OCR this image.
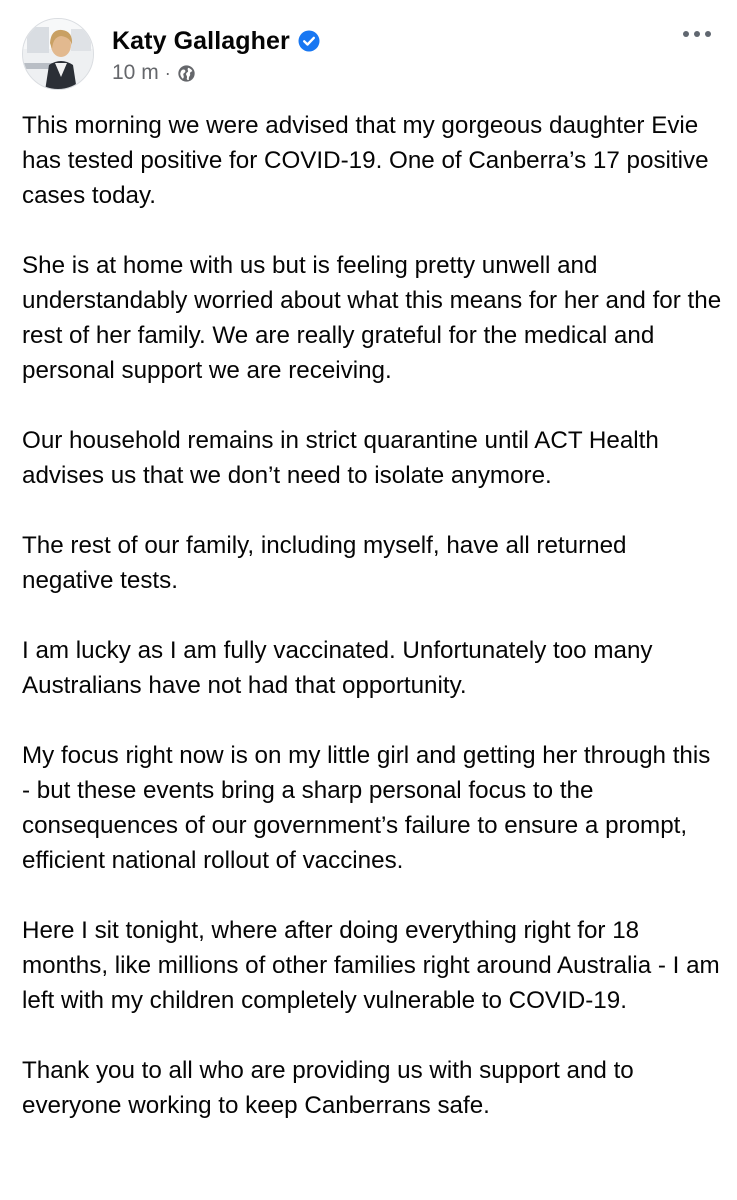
Katy Gallagher
10 m ·

This morning we were advised that my gorgeous daughter Evie has tested positive for COVID-19. One of Canberra’s 17 positive cases today.

She is at home with us but is feeling pretty unwell and understandably worried about what this means for her and for the rest of her family. We are really grateful for the medical and personal support we are receiving.

Our household remains in strict quarantine until ACT Health advises us that we don’t need to isolate anymore.

The rest of our family, including myself, have all returned negative tests.

I am lucky as I am fully vaccinated. Unfortunately too many Australians have not had that opportunity.

My focus right now is on my little girl and getting her through this - but these events bring a sharp personal focus to the consequences of our government’s failure to ensure a prompt, efficient national rollout of vaccines.

Here I sit tonight, where after doing everything right for 18 months, like millions of other families right around Australia - I am left with my children completely vulnerable to COVID-19.

Thank you to all who are providing us with support and to everyone working to keep Canberrans safe.
